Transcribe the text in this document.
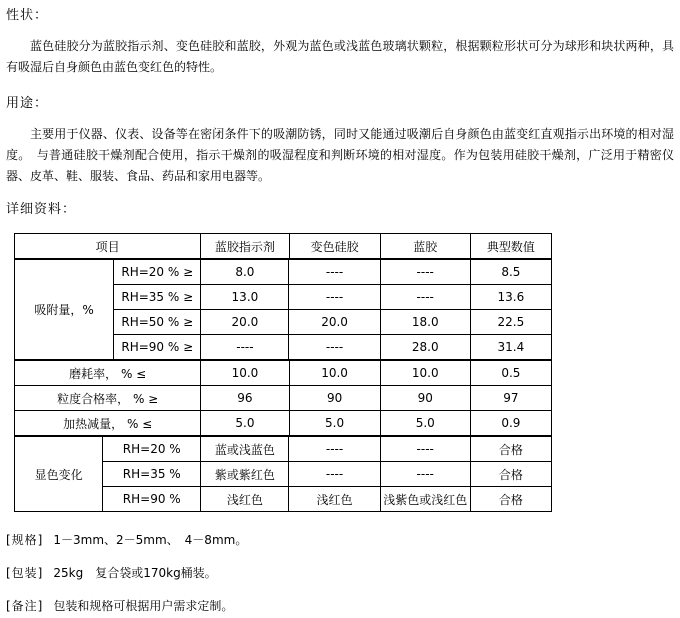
性状：

蓝色硅胶分为蓝胶指示剂、变色硅胶和蓝胶，外观为蓝色或浅蓝色玻璃状颗粒，根据颗粒形状可分为球形和块状两种，具有吸湿后自身颜色由蓝色变红色的特性。

用途：

主要用于仪器、仪表、设备等在密闭条件下的吸潮防锈，同时又能通过吸潮后自身颜色由蓝变红直观指示出环境的相对湿度。　与普通硅胶干燥剂配合使用，指示干燥剂的吸湿程度和判断环境的相对湿度。作为包装用硅胶干燥剂，广泛用于精密仪器、皮革、鞋、服装、食品、药品和家用电器等。

详细资料：
项目	蓝胶指示剂	变色硅胶	蓝胶	典型数值
吸附量，%	RH=20 % ≥	8.0	----	----	8.5
	RH=35 % ≥	13.0	----	----	13.6
	RH=50 % ≥	20.0	20.0	18.0	22.5
	RH=90 % ≥	----	----	28.0	31.4
磨耗率， % ≤	10.0	10.0	10.0	0.5
粒度合格率， % ≥	96	90	90	97
加热减量， % ≤	5.0	5.0	5.0	0.9
显色变化	RH=20 %	蓝或浅蓝色	----	----	合格
	RH=35 %	紫或紫红色	----	----	合格
	RH=90 %	浅红色	浅红色	浅紫色或浅红色	合格

[规格] 1－3mm、2－5mm、　4－8mm。

[包装] 25kg　复合袋或170kg桶装。

[备注] 包装和规格可根据用户需求定制。
